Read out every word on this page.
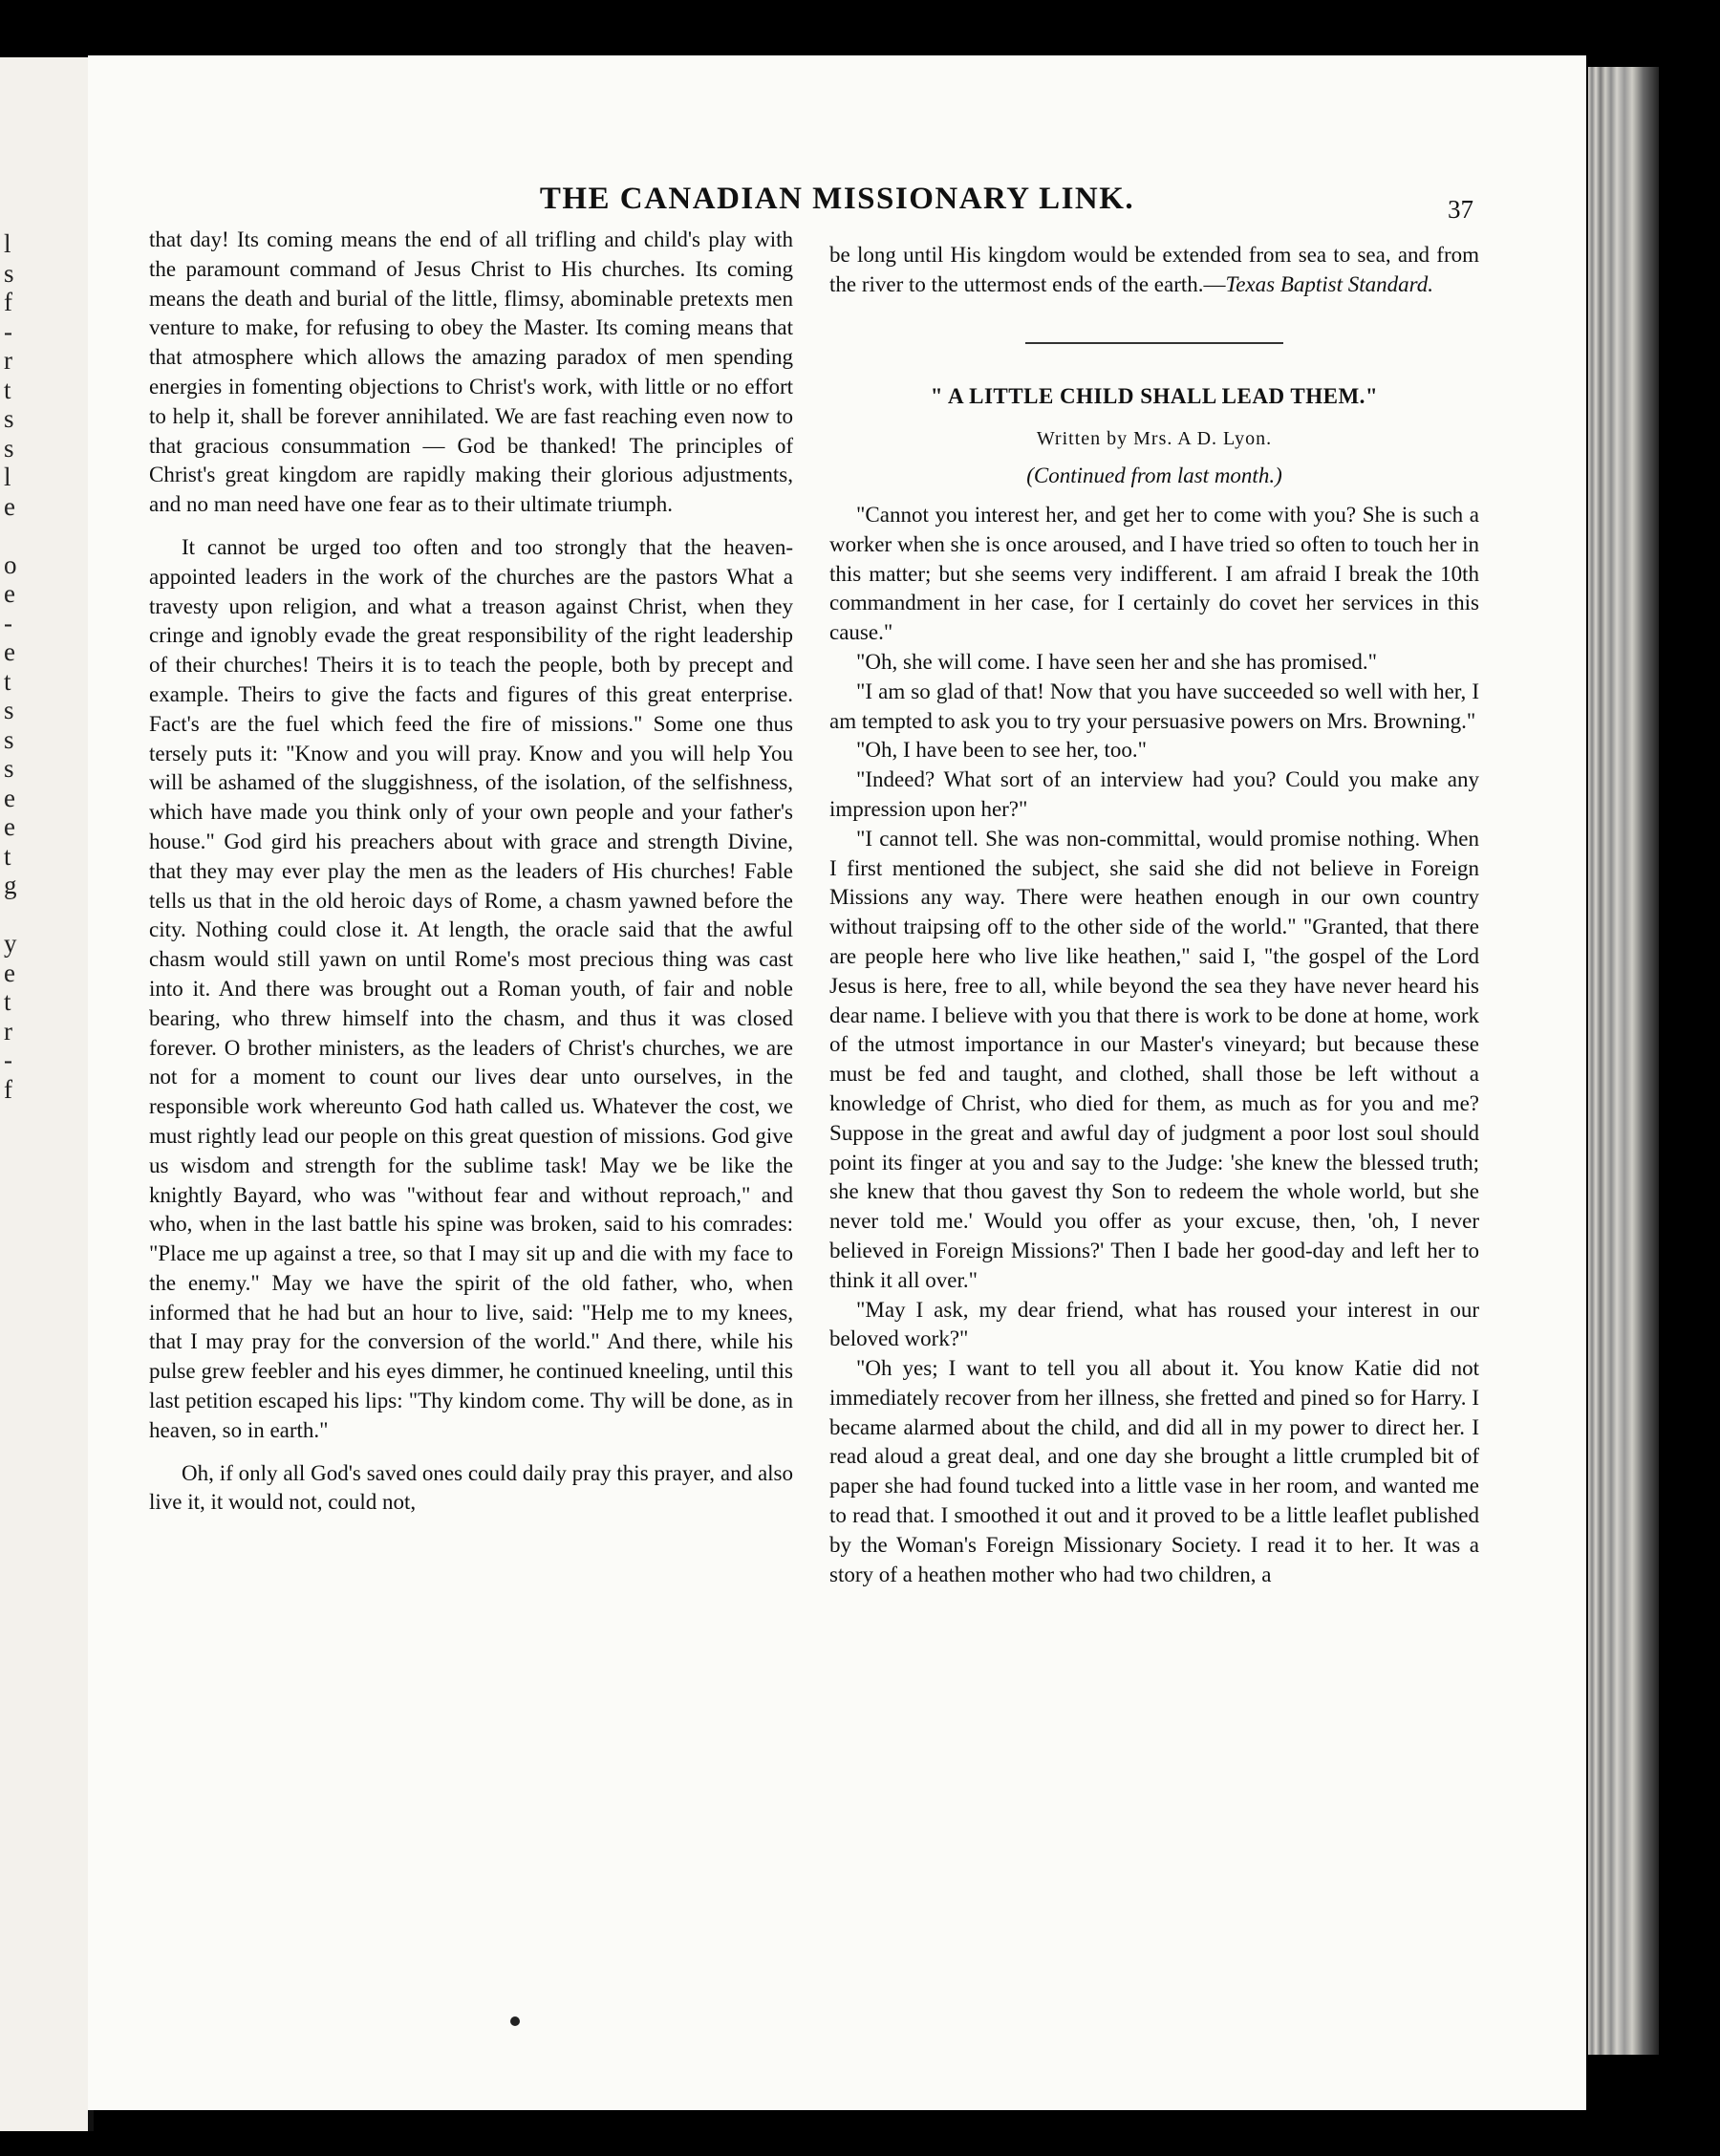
l
s
f
-
r
t
s
s
l
e
o
e
-
e
t
s
s
s
e
e
t
g
y
e
t
r
-
f
THE CANADIAN MISSIONARY LINK.	37

that day! Its coming means the end of all trifling and child's play with the paramount command of Jesus Christ to His churches. Its coming means the death and burial of the little, flimsy, abominable pretexts men venture to make, for refusing to obey the Master. Its coming means that that atmosphere which allows the amazing paradox of men spending energies in fomenting objections to Christ's work, with little or no effort to help it, shall be forever annihilated. We are fast reaching even now to that gracious consummation — God be thanked! The principles of Christ's great kingdom are rapidly making their glorious adjustments, and no man need have one fear as to their ultimate triumph.

It cannot be urged too often and too strongly that the heaven-appointed leaders in the work of the churches are the pastors What a travesty upon religion, and what a treason against Christ, when they cringe and ignobly evade the great responsibility of the right leadership of their churches! Theirs it is to teach the people, both by precept and example. Theirs to give the facts and figures of this great enterprise. Fact's are the fuel which feed the fire of missions." Some one thus tersely puts it: "Know and you will pray. Know and you will help You will be ashamed of the sluggishness, of the isolation, of the selfishness, which have made you think only of your own people and your father's house." God gird his preachers about with grace and strength Divine, that they may ever play the men as the leaders of His churches! Fable tells us that in the old heroic days of Rome, a chasm yawned before the city. Nothing could close it. At length, the oracle said that the awful chasm would still yawn on until Rome's most precious thing was cast into it. And there was brought out a Roman youth, of fair and noble bearing, who threw himself into the chasm, and thus it was closed forever. O brother ministers, as the leaders of Christ's churches, we are not for a moment to count our lives dear unto ourselves, in the responsible work whereunto God hath called us. Whatever the cost, we must rightly lead our people on this great question of missions. God give us wisdom and strength for the sublime task! May we be like the knightly Bayard, who was "without fear and without reproach," and who, when in the last battle his spine was broken, said to his comrades: "Place me up against a tree, so that I may sit up and die with my face to the enemy." May we have the spirit of the old father, who, when informed that he had but an hour to live, said: "Help me to my knees, that I may pray for the conversion of the world." And there, while his pulse grew feebler and his eyes dimmer, he continued kneeling, until this last petition escaped his lips: "Thy kindom come. Thy will be done, as in heaven, so in earth."

Oh, if only all God's saved ones could daily pray this prayer, and also live it, it would not, could not,

be long until His kingdom would be extended from sea to sea, and from the river to the uttermost ends of the earth.—Texas Baptist Standard.

" A LITTLE CHILD SHALL LEAD THEM."

Written by Mrs. A D. Lyon.
(Continued from last month.)

"Cannot you interest her, and get her to come with you? She is such a worker when she is once aroused, and I have tried so often to touch her in this matter; but she seems very indifferent. I am afraid I break the 10th commandment in her case, for I certainly do covet her services in this cause."

"Oh, she will come. I have seen her and she has promised."

"I am so glad of that! Now that you have succeeded so well with her, I am tempted to ask you to try your persuasive powers on Mrs. Browning."

"Oh, I have been to see her, too."

"Indeed? What sort of an interview had you? Could you make any impression upon her?"

"I cannot tell. She was non-committal, would promise nothing. When I first mentioned the subject, she said she did not believe in Foreign Missions any way. There were heathen enough in our own country without traipsing off to the other side of the world." "Granted, that there are people here who live like heathen," said I, "the gospel of the Lord Jesus is here, free to all, while beyond the sea they have never heard his dear name. I believe with you that there is work to be done at home, work of the utmost importance in our Master's vineyard; but because these must be fed and taught, and clothed, shall those be left without a knowledge of Christ, who died for them, as much as for you and me? Suppose in the great and awful day of judgment a poor lost soul should point its finger at you and say to the Judge: 'she knew the blessed truth; she knew that thou gavest thy Son to redeem the whole world, but she never told me.' Would you offer as your excuse, then, 'oh, I never believed in Foreign Missions?' Then I bade her good-day and left her to think it all over."

"May I ask, my dear friend, what has roused your interest in our beloved work?"

"Oh yes; I want to tell you all about it. You know Katie did not immediately recover from her illness, she fretted and pined so for Harry. I became alarmed about the child, and did all in my power to direct her. I read aloud a great deal, and one day she brought a little crumpled bit of paper she had found tucked into a little vase in her room, and wanted me to read that. I smoothed it out and it proved to be a little leaflet published by the Woman's Foreign Missionary Society. I read it to her. It was a story of a heathen mother who had two children, a
